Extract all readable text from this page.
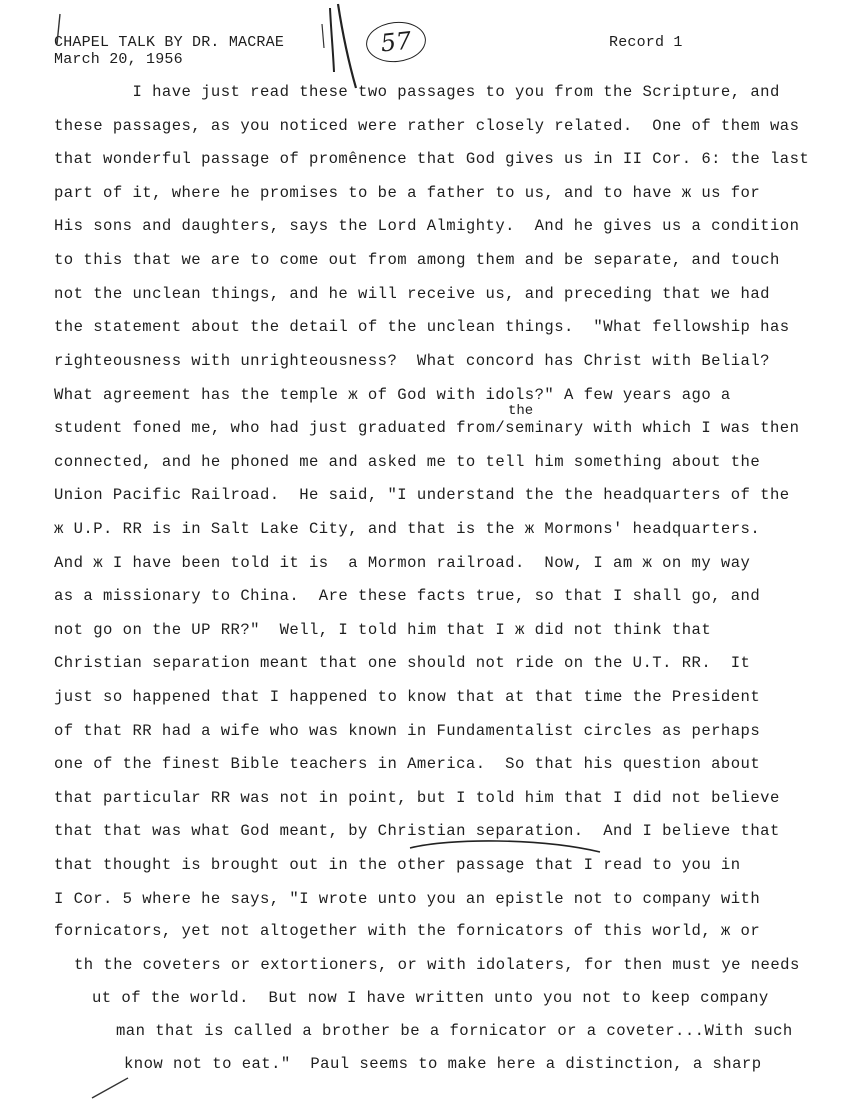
CHAPEL TALK BY DR. MACRAE
March 20, 1956
Record 1
57
I have just read these two passages to you from the Scripture, and
these passages, as you noticed were rather closely related.  One of them was
that wonderful passage of promênence that God gives us in II Cor. 6: the last
part of it, where he promises to be a father to us, and to have ж us for
His sons and daughters, says the Lord Almighty.  And he gives us a condition
to this that we are to come out from among them and be separate, and touch
not the unclean things, and he will receive us, and preceding that we had
the statement about the detail of the unclean things.  "What fellowship has
righteousness with unrighteousness?  What concord has Christ with Belial?
What agreement has the temple ж of God with idols?" A few years ago a
the
student foned me, who had just graduated from/seminary with which I was then
connected, and he phoned me and asked me to tell him something about the
Union Pacific Railroad.  He said, "I understand the the headquarters of the
ж U.P. RR is in Salt Lake City, and that is the ж Mormons' headquarters.
And ж I have been told it is  a Mormon railroad.  Now, I am ж on my way
as a missionary to China.  Are these facts true, so that I shall go, and
not go on the UP RR?"  Well, I told him that I ж did not think that
Christian separation meant that one should not ride on the U.T. RR.  It
just so happened that I happened to know that at that time the President
of that RR had a wife who was known in Fundamentalist circles as perhaps
one of the finest Bible teachers in America.  So that his question about
that particular RR was not in point, but I told him that I did not believe
that that was what God meant, by Christian separation.  And I believe that
that thought is brought out in the other passage that I read to you in
I Cor. 5 where he says, "I wrote unto you an epistle not to company with
fornicators, yet not altogether with the fornicators of this world, ж or
th the coveters or extortioners, or with idolaters, for then must ye needs
ut of the world.  But now I have written unto you not to keep company
man that is called a brother be a fornicator or a coveter...With such
know not to eat."  Paul seems to make here a distinction, a sharp
